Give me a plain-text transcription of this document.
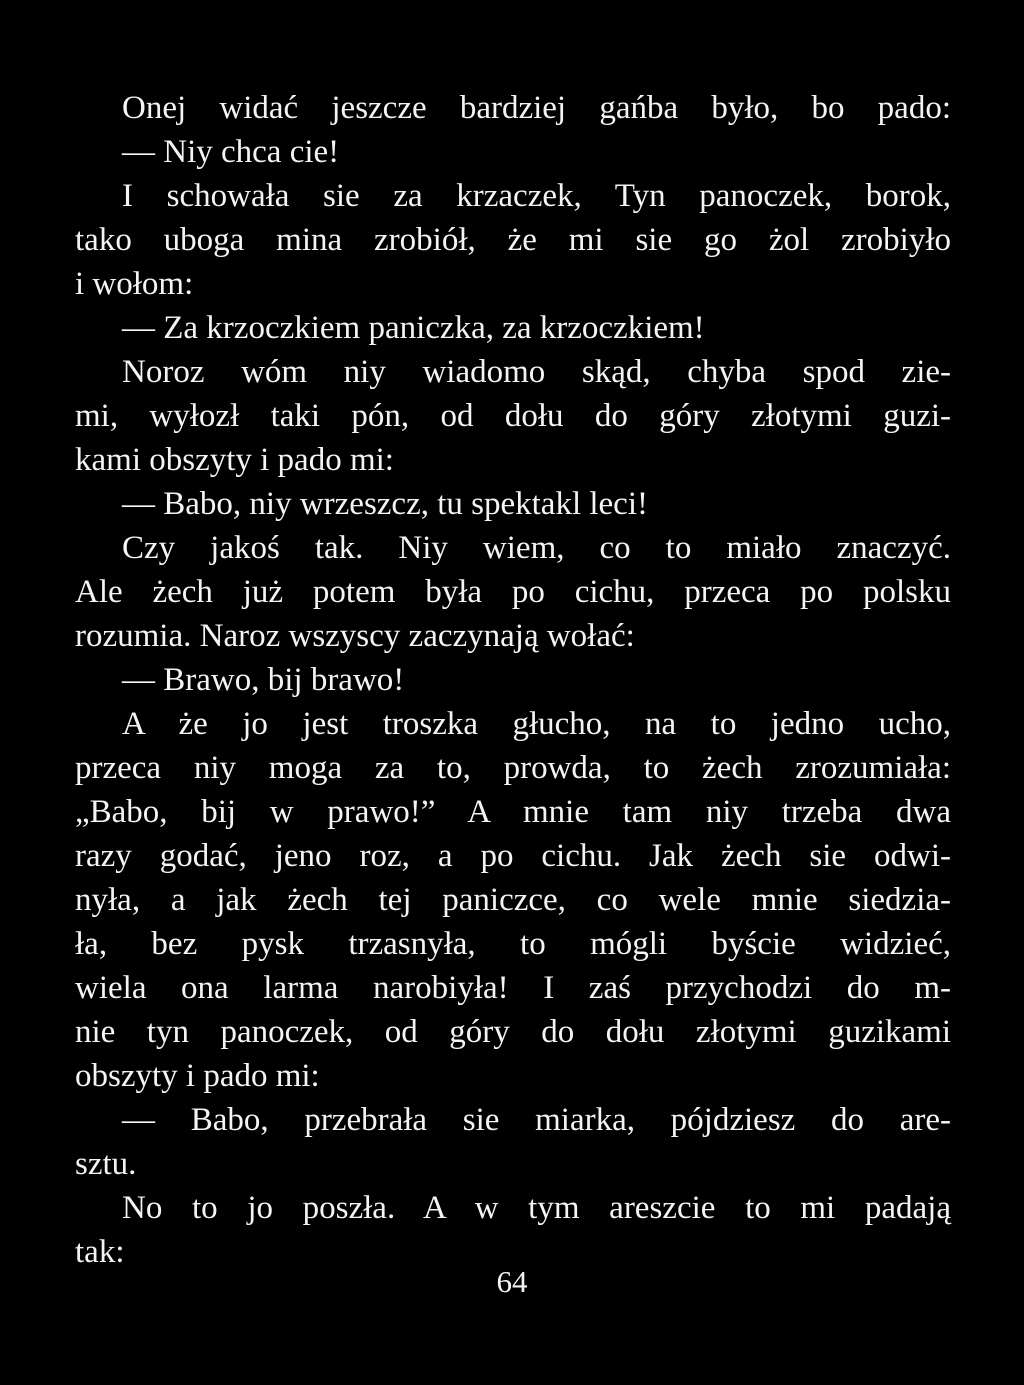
Onej widać jeszcze bardziej gańba było, bo pado:
— Niy chca cie!
I schowała sie za krzaczek, Tyn panoczek, borok,
tako uboga mina zrobiół, że mi sie go żol zrobiyło
i wołom:
— Za krzoczkiem paniczka, za krzoczkiem!
Noroz wóm niy wiadomo skąd, chyba spod zie-
mi, wyłozł taki pón, od dołu do góry złotymi guzi-
kami obszyty i pado mi:
— Babo, niy wrzeszcz, tu spektakl leci!
Czy jakoś tak. Niy wiem, co to miało znaczyć.
Ale żech już potem była po cichu, przeca po polsku
rozumia. Naroz wszyscy zaczynają wołać:
— Brawo, bij brawo!
A że jo jest troszka głucho, na to jedno ucho,
przeca niy moga za to, prowda, to żech zrozumiała:
„Babo, bij w prawo!” A mnie tam niy trzeba dwa
razy godać, jeno roz, a po cichu. Jak żech sie odwi-
nyła, a jak żech tej paniczce, co wele mnie siedzia-
ła, bez pysk trzasnyła, to mógli byście widzieć,
wiela ona larma narobiyła! I zaś przychodzi do m-
nie tyn panoczek, od góry do dołu złotymi guzikami
obszyty i pado mi:
— Babo, przebrała sie miarka, pójdziesz do are-
sztu.
No to jo poszła. A w tym areszcie to mi padają
tak:
64
